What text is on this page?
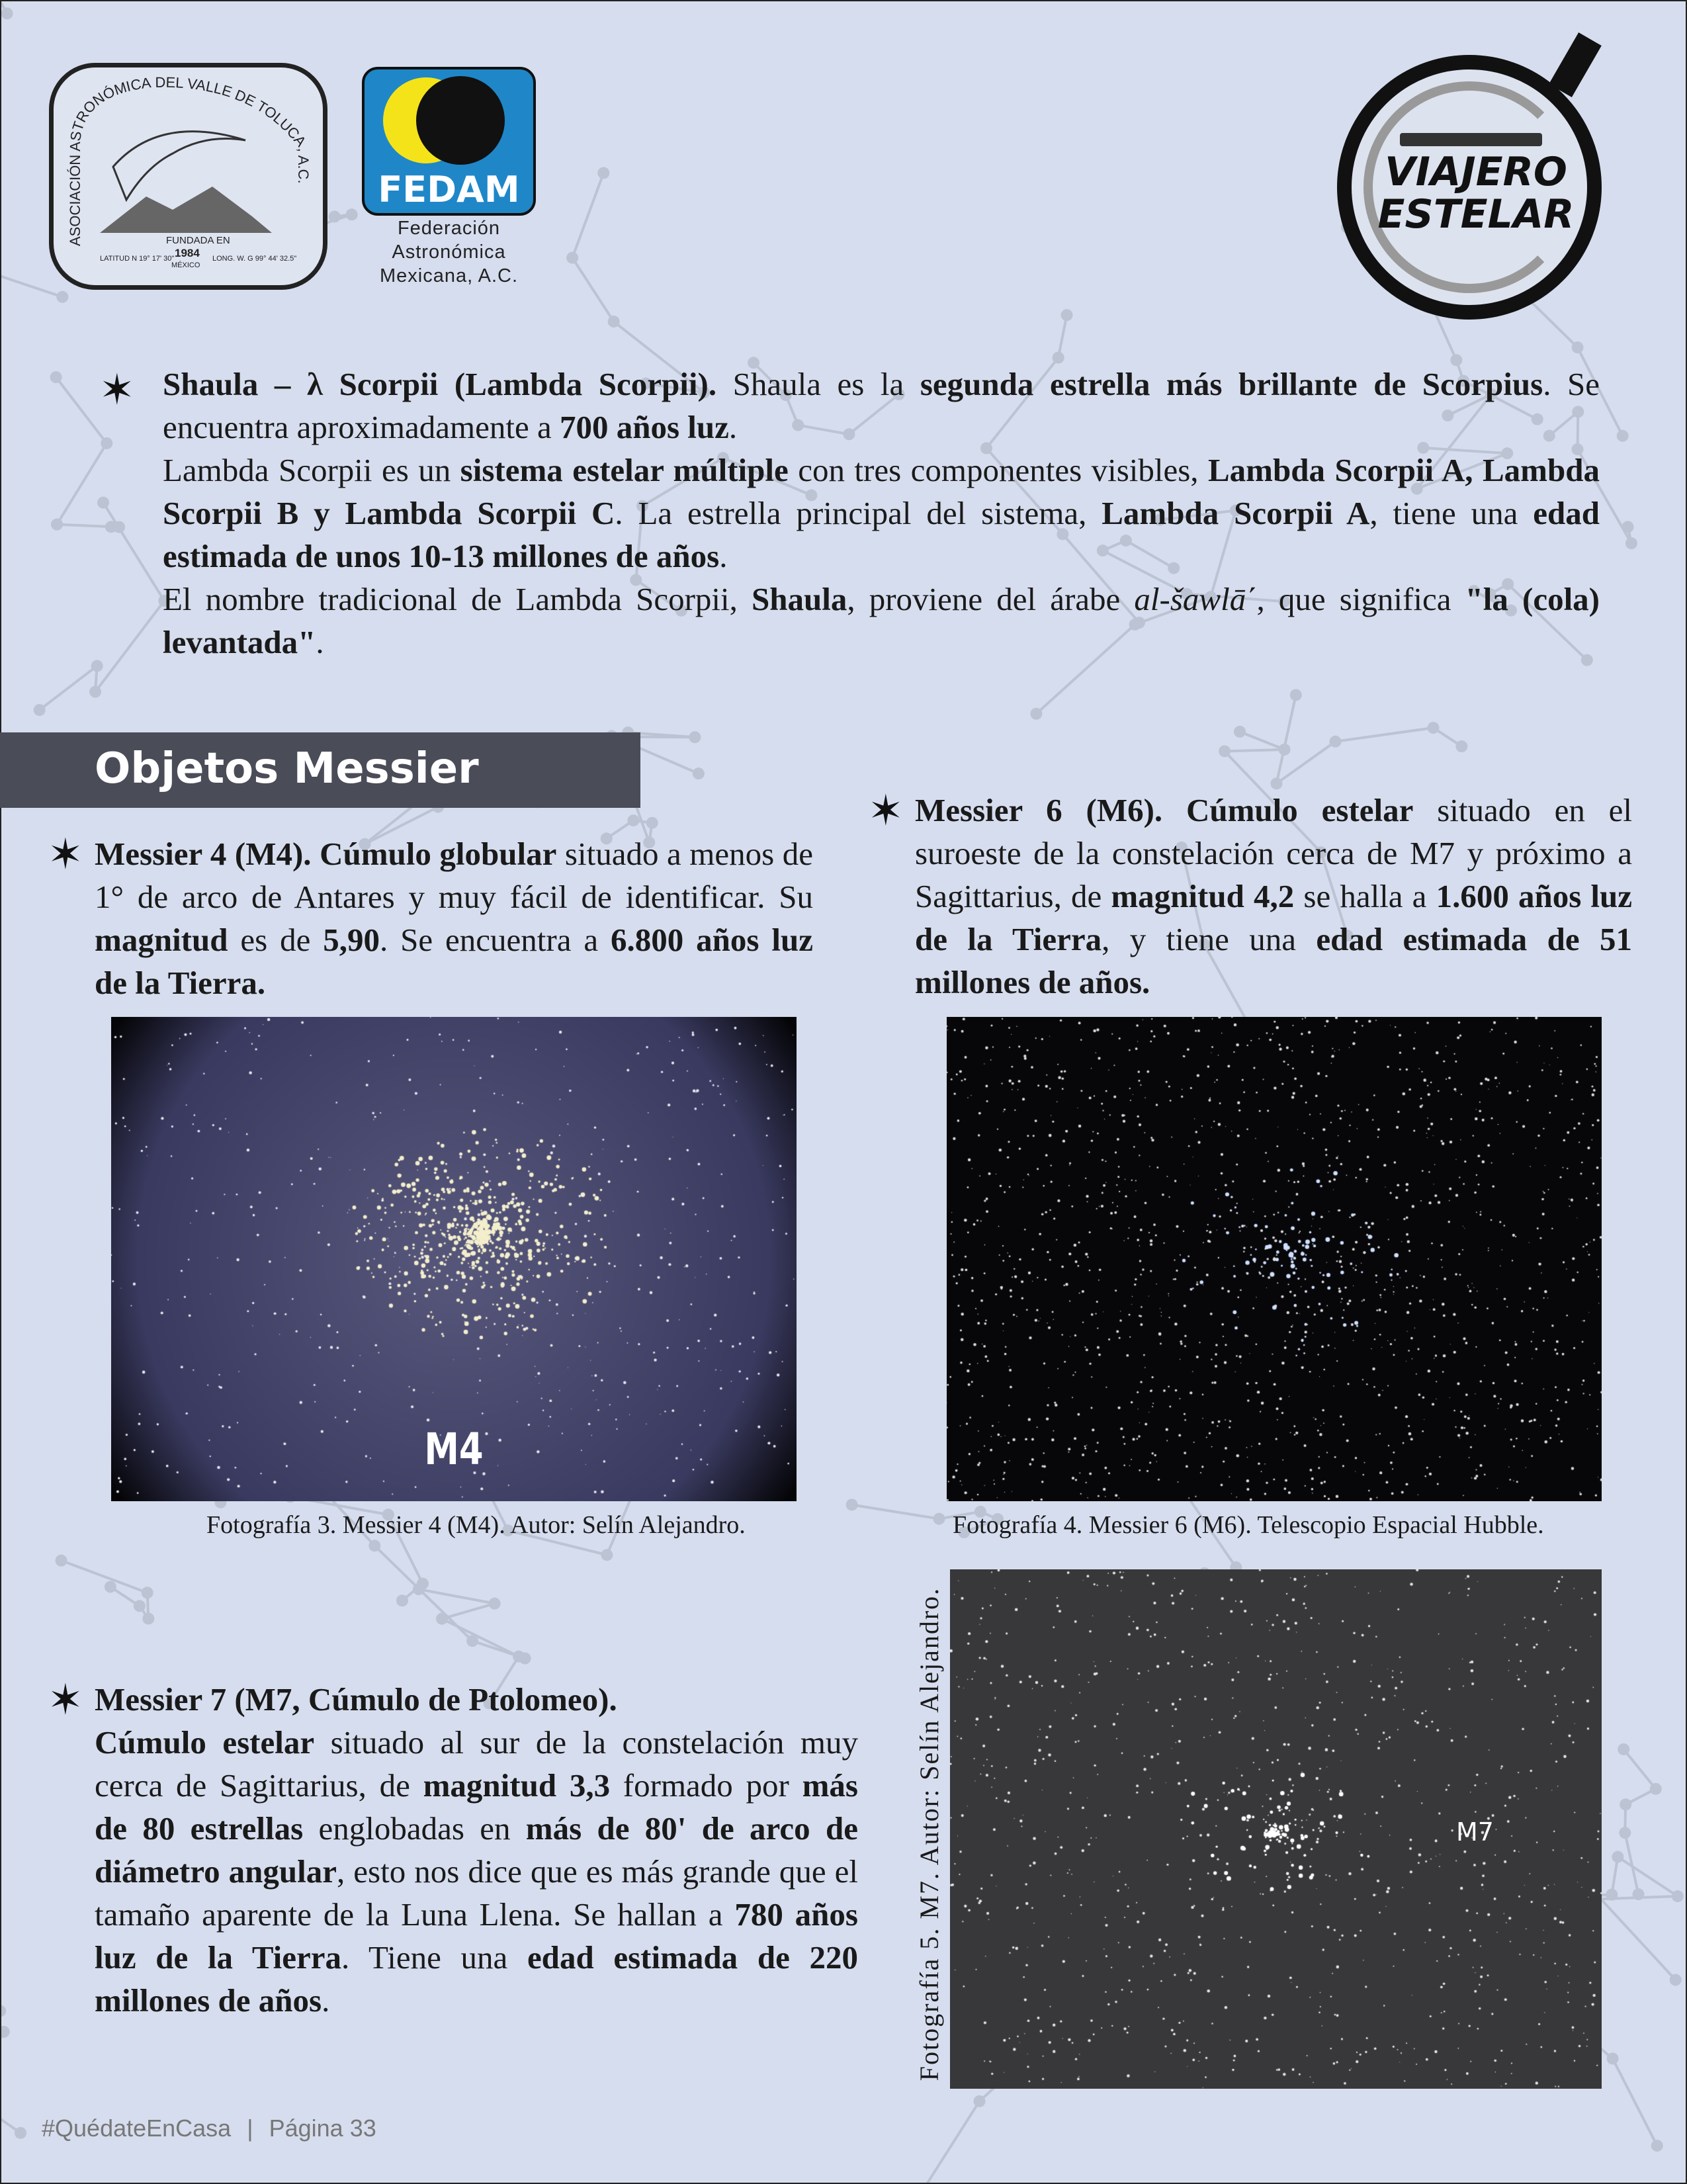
ASOCIACIÓN ASTRONÓMICA DEL VALLE DE TOLUCA, A.C.
FUNDADA EN
1984
MÉXICO
LATITUD N 19° 17' 30"	LONG. W. G 99° 44' 32.5"
FEDAM
Federación
Astronómica
Mexicana, A.C.
VIAJERO
ESTELAR
✶ Shaula – λ Scorpii (Lambda Scorpii). Shaula es la segunda estrella más brillante de Scorpius. Se encuentra aproximadamente a 700 años luz.
Lambda Scorpii es un sistema estelar múltiple con tres componentes visibles, Lambda Scorpii A, Lambda Scorpii B y Lambda Scorpii C. La estrella principal del sistema, Lambda Scorpii A, tiene una edad estimada de unos 10-13 millones de años.
El nombre tradicional de Lambda Scorpii, Shaula, proviene del árabe al-šawlā΄, que significa "la (cola) levantada".
Objetos Messier
✶ Messier 4 (M4). Cúmulo globular situado a menos de 1° de arco de Antares y muy fácil de identificar. Su magnitud es de 5,90. Se encuentra a 6.800 años luz de la Tierra.
M4
Fotografía 3. Messier 4 (M4). Autor: Selín Alejandro.
✶ Messier 6 (M6). Cúmulo estelar situado en el suroeste de la constelación cerca de M7 y próximo a Sagittarius, de magnitud 4,2 se halla a 1.600 años luz de la Tierra, y tiene una edad estimada de 51 millones de años.
Fotografía 4. Messier 6 (M6). Telescopio Espacial Hubble.
✶ Messier 7 (M7, Cúmulo de Ptolomeo).
Cúmulo estelar situado al sur de la constelación muy cerca de Sagittarius, de magnitud 3,3 formado por más de 80 estrellas englobadas en más de 80' de arco de diámetro angular, esto nos dice que es más grande que el tamaño aparente de la Luna Llena. Se hallan a 780 años luz de la Tierra. Tiene una edad estimada de 220 millones de años.
M7
Fotografía 5. M7. Autor: Selín Alejandro.
#QuédateEnCasa | Página 33
